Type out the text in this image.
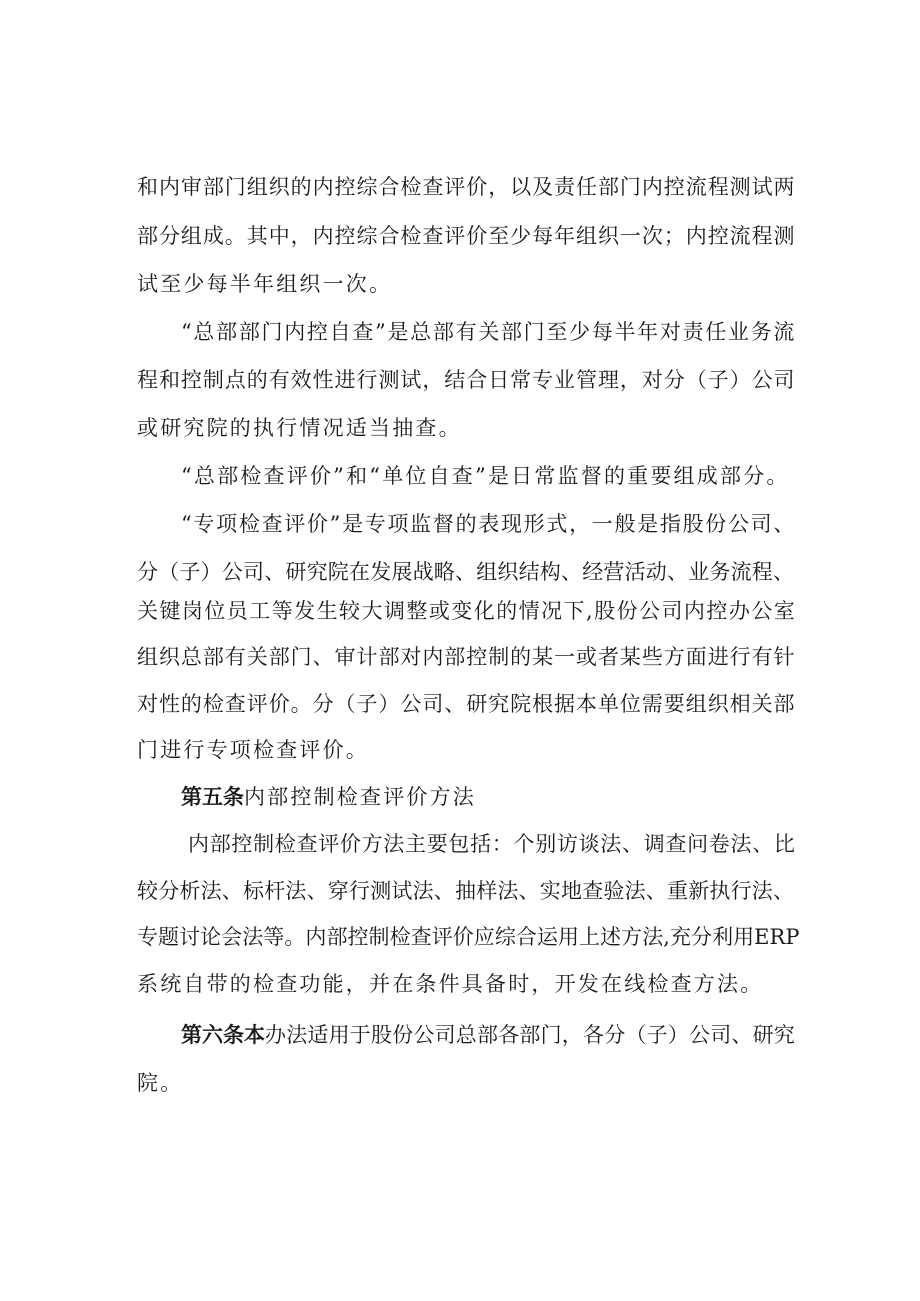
和内审部门组织的内控综合检查评价，以及责任部门内控流程测试两
部分组成。其中，内控综合检查评价至少每年组织一次；内控流程测
试至少每半年组织一次。
“总部部门内控自查”是总部有关部门至少每半年对责任业务流
程和控制点的有效性进行测试，结合日常专业管理，对分（子）公司
或研究院的执行情况适当抽查。
“总部检查评价”和“单位自查”是日常监督的重要组成部分。
“专项检查评价”是专项监督的表现形式，一般是指股份公司、
分（子）公司、研究院在发展战略、组织结构、经营活动、业务流程、
关键岗位员工等发生较大调整或变化的情况下,股份公司内控办公室
组织总部有关部门、审计部对内部控制的某一或者某些方面进行有针
对性的检查评价。分（子）公司、研究院根据本单位需要组织相关部
门进行专项检查评价。
第五条内部控制检查评价方法
内部控制检查评价方法主要包括：个别访谈法、调查问卷法、比
较分析法、标杆法、穿行测试法、抽样法、实地查验法、重新执行法、
专题讨论会法等。内部控制检查评价应综合运用上述方法,充分利用ERP
系统自带的检查功能，并在条件具备时，开发在线检查方法。
第六条本办法适用于股份公司总部各部门，各分（子）公司、研究
院。
